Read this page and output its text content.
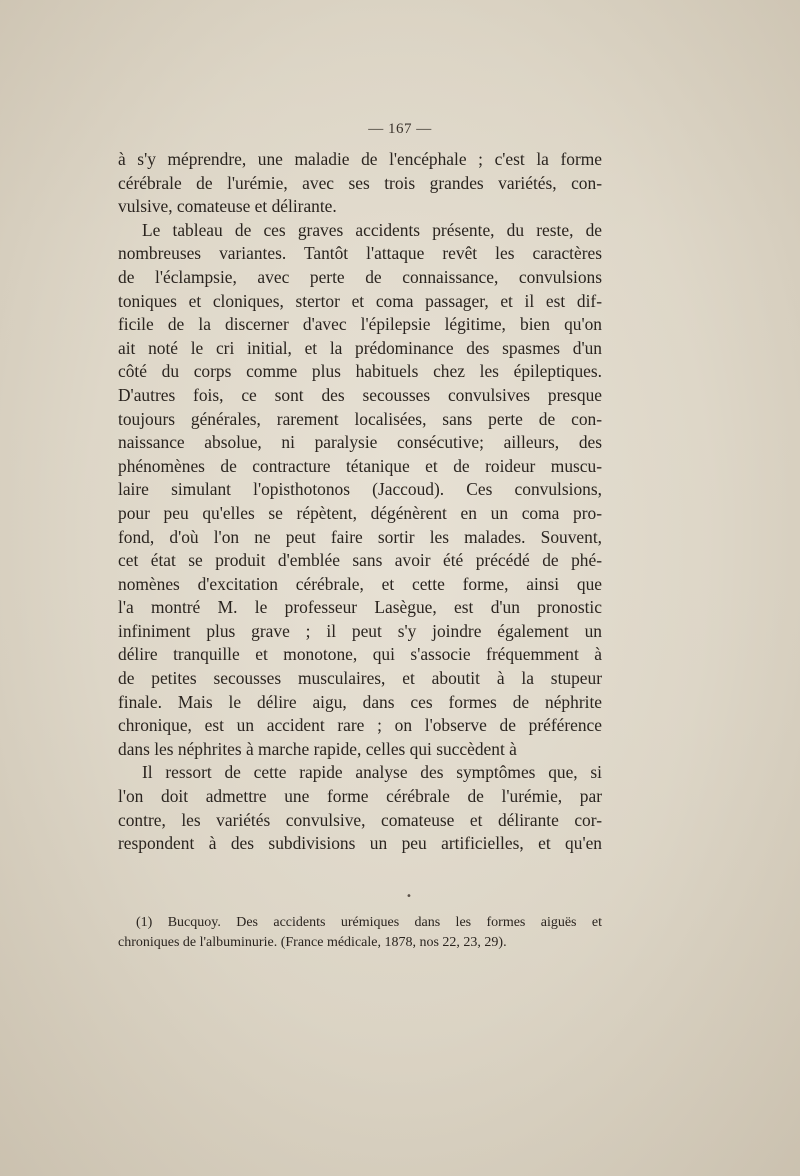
— 167 —
à s'y méprendre, une maladie de l'encéphale ; c'est la forme
cérébrale de l'urémie, avec ses trois grandes variétés, con-
vulsive, comateuse et délirante.
Le tableau de ces graves accidents présente, du reste, de
nombreuses variantes. Tantôt l'attaque revêt les caractères
de l'éclampsie, avec perte de connaissance, convulsions
toniques et cloniques, stertor et coma passager, et il est dif-
ficile de la discerner d'avec l'épilepsie légitime, bien qu'on
ait noté le cri initial, et la prédominance des spasmes d'un
côté du corps comme plus habituels chez les épileptiques.
D'autres fois, ce sont des secousses convulsives presque
toujours générales, rarement localisées, sans perte de con-
naissance absolue, ni paralysie consécutive; ailleurs, des
phénomènes de contracture tétanique et de roideur muscu-
laire simulant l'opisthotonos (Jaccoud). Ces convulsions,
pour peu qu'elles se répètent, dégénèrent en un coma pro-
fond, d'où l'on ne peut faire sortir les malades. Souvent,
cet état se produit d'emblée sans avoir été précédé de phé-
nomènes d'excitation cérébrale, et cette forme, ainsi que
l'a montré M. le professeur Lasègue, est d'un pronostic
infiniment plus grave ; il peut s'y joindre également un
délire tranquille et monotone, qui s'associe fréquemment à
de petites secousses musculaires, et aboutit à la stupeur
finale. Mais le délire aigu, dans ces formes de néphrite
chronique, est un accident rare ; on l'observe de préférence
dans les néphrites à marche rapide, celles qui succèdent à
Il ressort de cette rapide analyse des symptômes que, si
l'on doit admettre une forme cérébrale de l'urémie, par
contre, les variétés convulsive, comateuse et délirante cor-
respondent à des subdivisions un peu artificielles, et qu'en
•
(1) Bucquoy. Des accidents urémiques dans les formes aiguës et
chroniques de l'albuminurie. (France médicale, 1878, nos 22, 23, 29).
